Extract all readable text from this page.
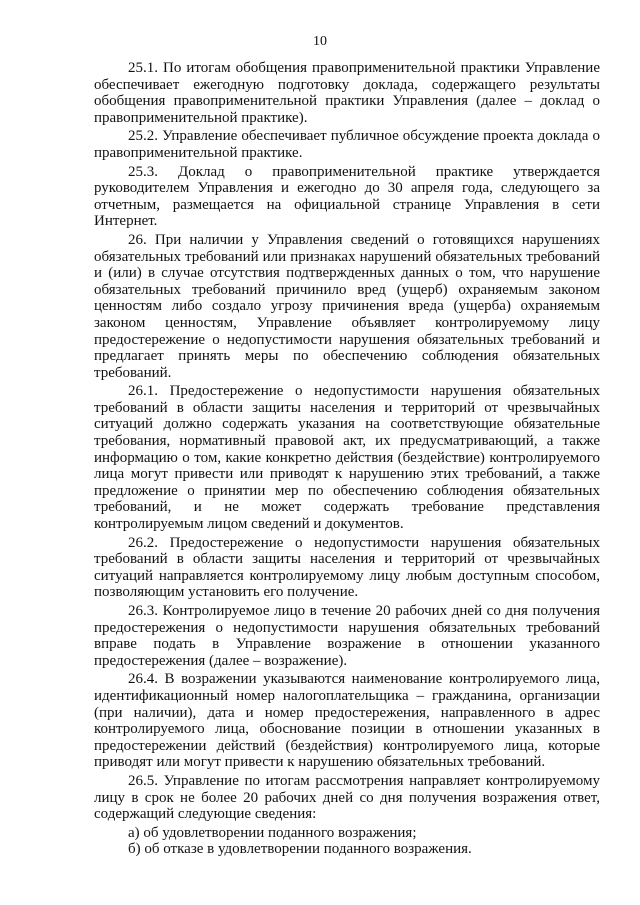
10

25.1. По итогам обобщения правоприменительной практики Управление обеспечивает ежегодную подготовку доклада, содержащего результаты обобщения правоприменительной практики Управления (далее – доклад о правоприменительной практике).

25.2. Управление обеспечивает публичное обсуждение проекта доклада о правоприменительной практике.

25.3. Доклад о правоприменительной практике утверждается руководителем Управления и ежегодно до 30 апреля года, следующего за отчетным, размещается на официальной странице Управления в сети Интернет.

26. При наличии у Управления сведений о готовящихся нарушениях обязательных требований или признаках нарушений обязательных требований и (или) в случае отсутствия подтвержденных данных о том, что нарушение обязательных требований причинило вред (ущерб) охраняемым законом ценностям либо создало угрозу причинения вреда (ущерба) охраняемым законом ценностям, Управление объявляет контролируемому лицу предостережение о недопустимости нарушения обязательных требований и предлагает принять меры по обеспечению соблюдения обязательных требований.

26.1. Предостережение о недопустимости нарушения обязательных требований в области защиты населения и территорий от чрезвычайных ситуаций должно содержать указания на соответствующие обязательные требования, нормативный правовой акт, их предусматривающий, а также информацию о том, какие конкретно действия (бездействие) контролируемого лица могут привести или приводят к нарушению этих требований, а также предложение о принятии мер по обеспечению соблюдения обязательных требований, и не может содержать требование представления контролируемым лицом сведений и документов.

26.2. Предостережение о недопустимости нарушения обязательных требований в области защиты населения и территорий от чрезвычайных ситуаций направляется контролируемому лицу любым доступным способом, позволяющим установить его получение.

26.3. Контролируемое лицо в течение 20 рабочих дней со дня получения предостережения о недопустимости нарушения обязательных требований вправе подать в Управление возражение в отношении указанного предостережения (далее – возражение).

26.4. В возражении указываются наименование контролируемого лица, идентификационный номер налогоплательщика – гражданина, организации (при наличии), дата и номер предостережения, направленного в адрес контролируемого лица, обоснование позиции в отношении указанных в предостережении действий (бездействия) контролируемого лица, которые приводят или могут привести к нарушению обязательных требований.

26.5. Управление по итогам рассмотрения направляет контролируемому лицу в срок не более 20 рабочих дней со дня получения возражения ответ, содержащий следующие сведения:

а) об удовлетворении поданного возражения;

б) об отказе в удовлетворении поданного возражения.
